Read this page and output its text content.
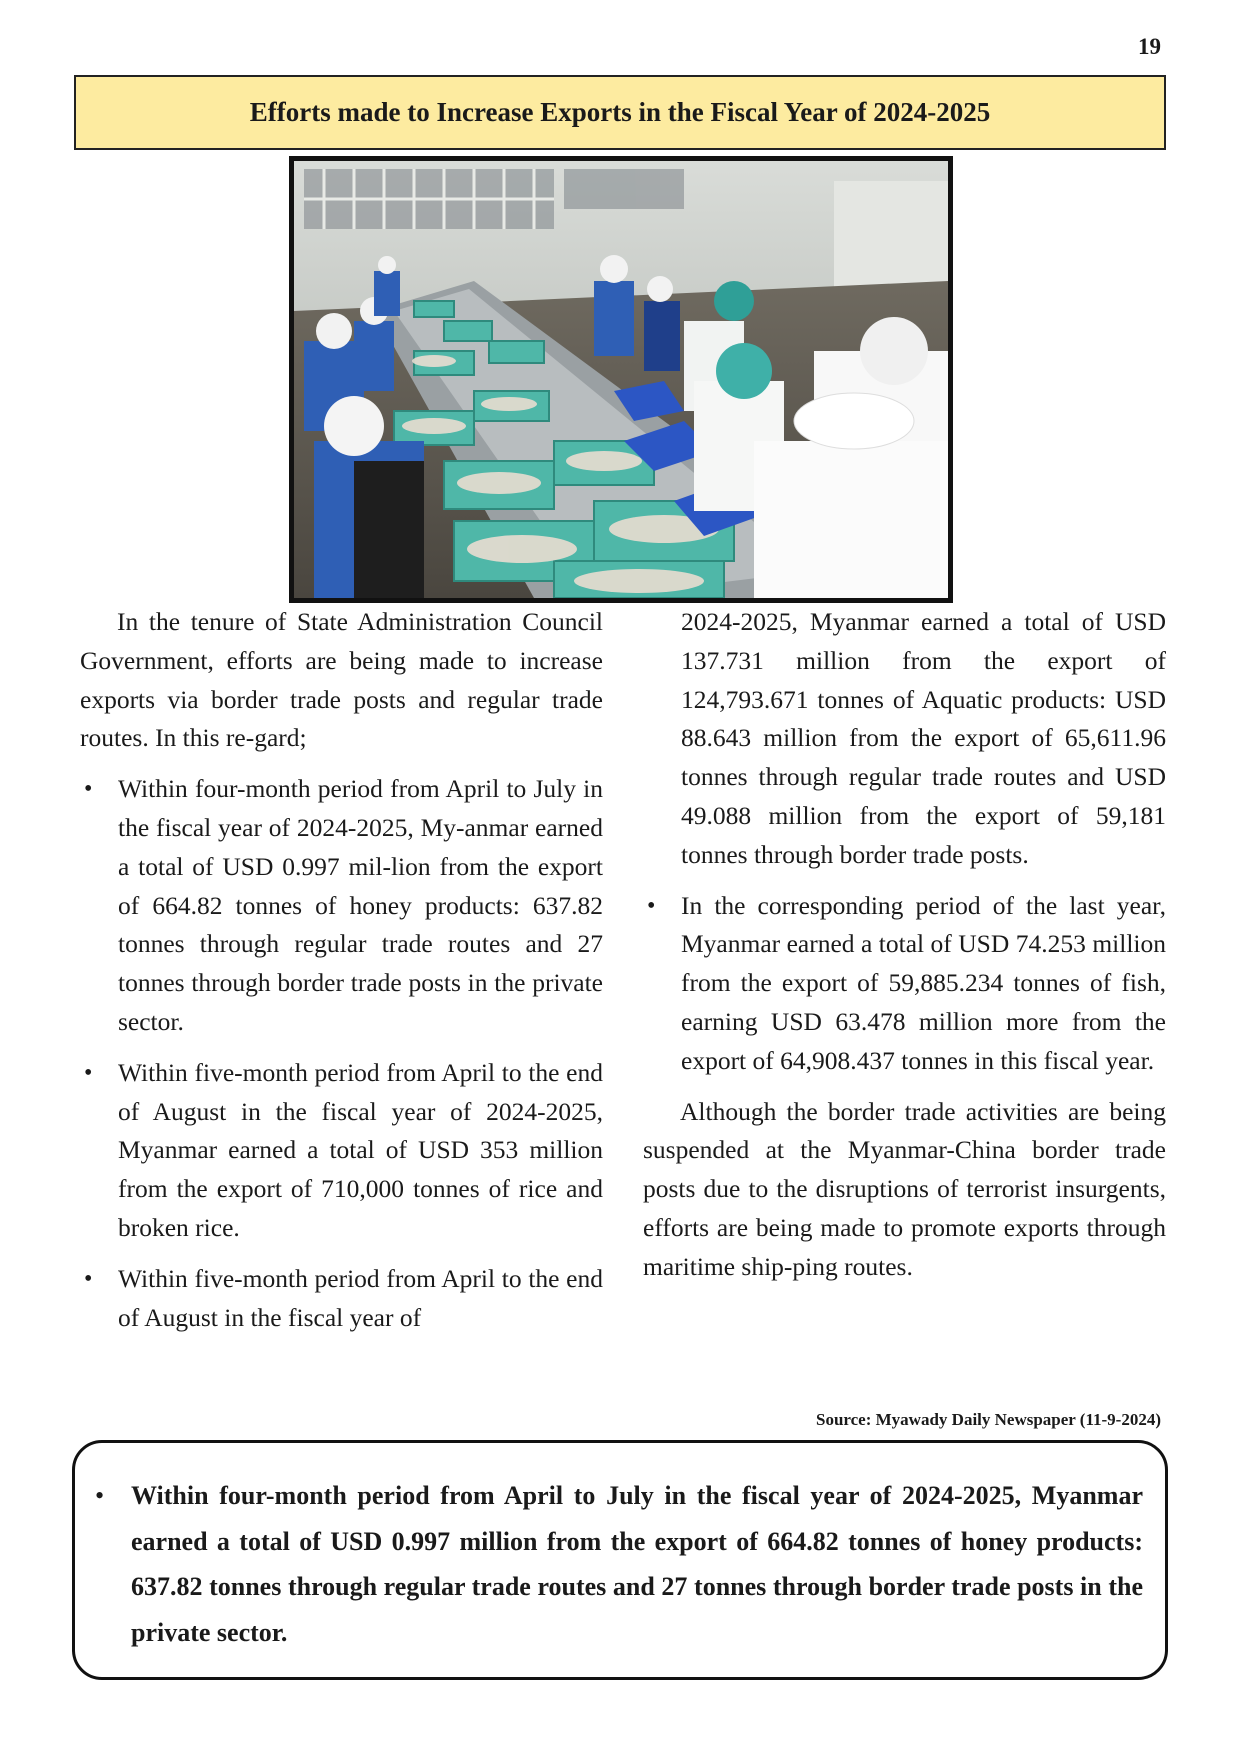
19
Efforts made to Increase Exports in the Fiscal Year of 2024-2025

In the tenure of State Administration Council Government, efforts are being made to increase exports via border trade posts and regular trade routes. In this re-gard;

• Within four-month period from April to July in the fiscal year of 2024-2025, My-anmar earned a total of USD 0.997 mil-lion from the export of 664.82 tonnes of honey products: 637.82 tonnes through regular trade routes and 27 tonnes through border trade posts in the private sector.
• Within five-month period from April to the end of August in the fiscal year of 2024-2025, Myanmar earned a total of USD 353 million from the export of 710,000 tonnes of rice and broken rice.
• Within five-month period from April to the end of August in the fiscal year of

2024-2025, Myanmar earned a total of USD 137.731 million from the export of 124,793.671 tonnes of Aquatic products: USD 88.643 million from the export of 65,611.96 tonnes through regular trade routes and USD 49.088 million from the export of 59,181 tonnes through border trade posts.

• In the corresponding period of the last year, Myanmar earned a total of USD 74.253 million from the export of 59,885.234 tonnes of fish, earning USD 63.478 million more from the export of 64,908.437 tonnes in this fiscal year.

Although the border trade activities are being suspended at the Myanmar-China border trade posts due to the disruptions of terrorist insurgents, efforts are being made to promote exports through maritime ship-ping routes.

Source: Myawady Daily Newspaper (11-9-2024)

• Within four-month period from April to July in the fiscal year of 2024-2025, Myanmar earned a total of USD 0.997 million from the export of 664.82 tonnes of honey products: 637.82 tonnes through regular trade routes and 27 tonnes through border trade posts in the private sector.
